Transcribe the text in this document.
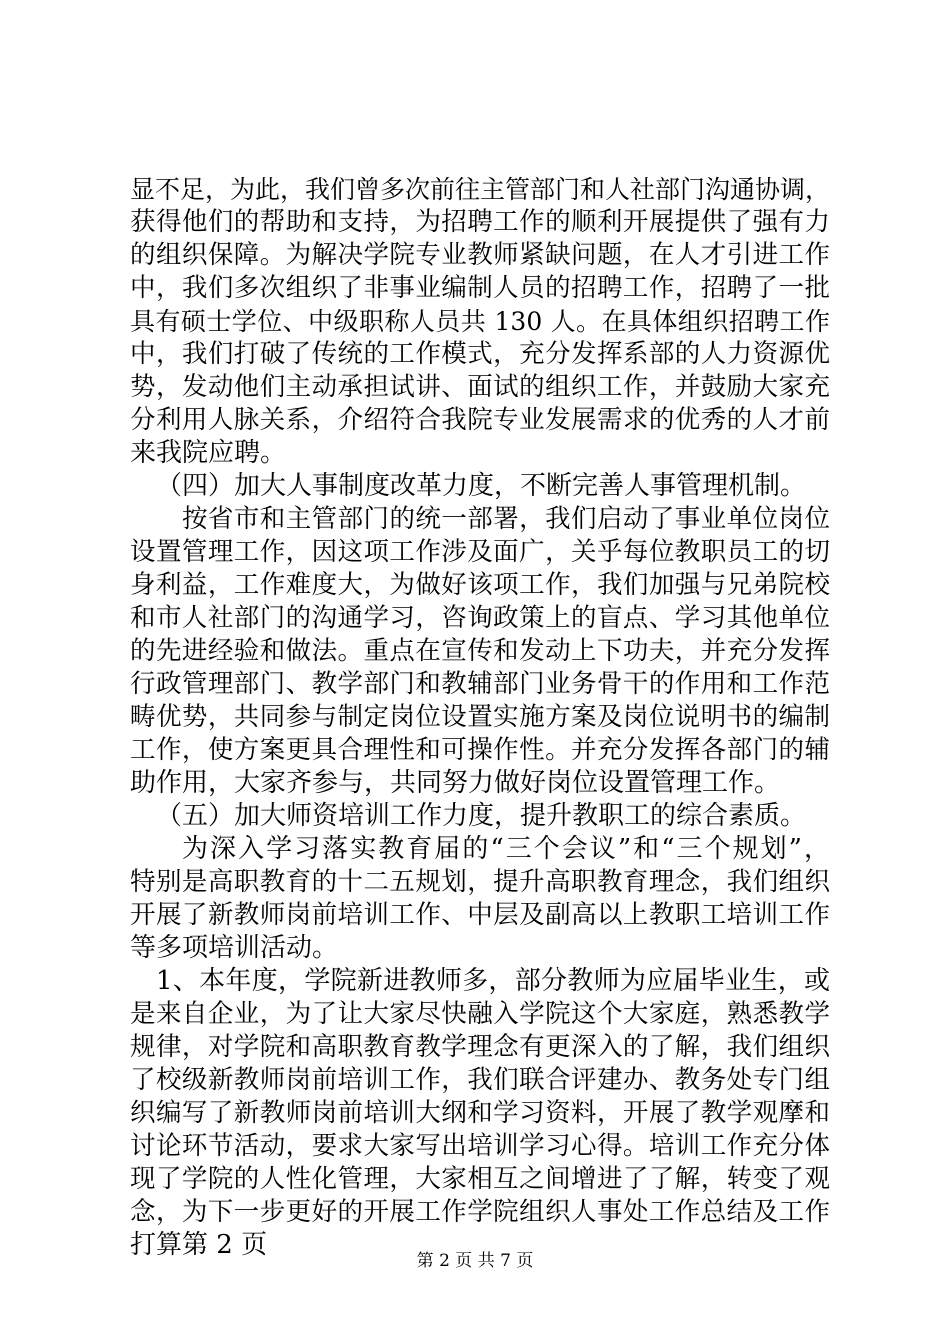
显不足，为此，我们曾多次前往主管部门和人社部门沟通协调，
获得他们的帮助和支持，为招聘工作的顺利开展提供了强有力
的组织保障。为解决学院专业教师紧缺问题，在人才引进工作
中，我们多次组织了非事业编制人员的招聘工作，招聘了一批
具有硕士学位、中级职称人员共 130 人。在具体组织招聘工作
中，我们打破了传统的工作模式，充分发挥系部的人力资源优
势，发动他们主动承担试讲、面试的组织工作，并鼓励大家充
分利用人脉关系，介绍符合我院专业发展需求的优秀的人才前
来我院应聘。
（四）加大人事制度改革力度，不断完善人事管理机制。
按省市和主管部门的统一部署，我们启动了事业单位岗位
设置管理工作，因这项工作涉及面广，关乎每位教职员工的切
身利益，工作难度大，为做好该项工作，我们加强与兄弟院校
和市人社部门的沟通学习，咨询政策上的盲点、学习其他单位
的先进经验和做法。重点在宣传和发动上下功夫，并充分发挥
行政管理部门、教学部门和教辅部门业务骨干的作用和工作范
畴优势，共同参与制定岗位设置实施方案及岗位说明书的编制
工作，使方案更具合理性和可操作性。并充分发挥各部门的辅
助作用，大家齐参与，共同努力做好岗位设置管理工作。
（五）加大师资培训工作力度，提升教职工的综合素质。
为深入学习落实教育届的“三个会议”和“三个规划”，
特别是高职教育的十二五规划，提升高职教育理念，我们组织
开展了新教师岗前培训工作、中层及副高以上教职工培训工作
等多项培训活动。
1、本年度，学院新进教师多，部分教师为应届毕业生，或
是来自企业，为了让大家尽快融入学院这个大家庭，熟悉教学
规律，对学院和高职教育教学理念有更深入的了解，我们组织
了校级新教师岗前培训工作，我们联合评建办、教务处专门组
织编写了新教师岗前培训大纲和学习资料，开展了教学观摩和
讨论环节活动，要求大家写出培训学习心得。培训工作充分体
现了学院的人性化管理，大家相互之间增进了了解，转变了观
念，为下一步更好的开展工作学院组织人事处工作总结及工作
打算第 2 页
第 2 页 共 7 页
